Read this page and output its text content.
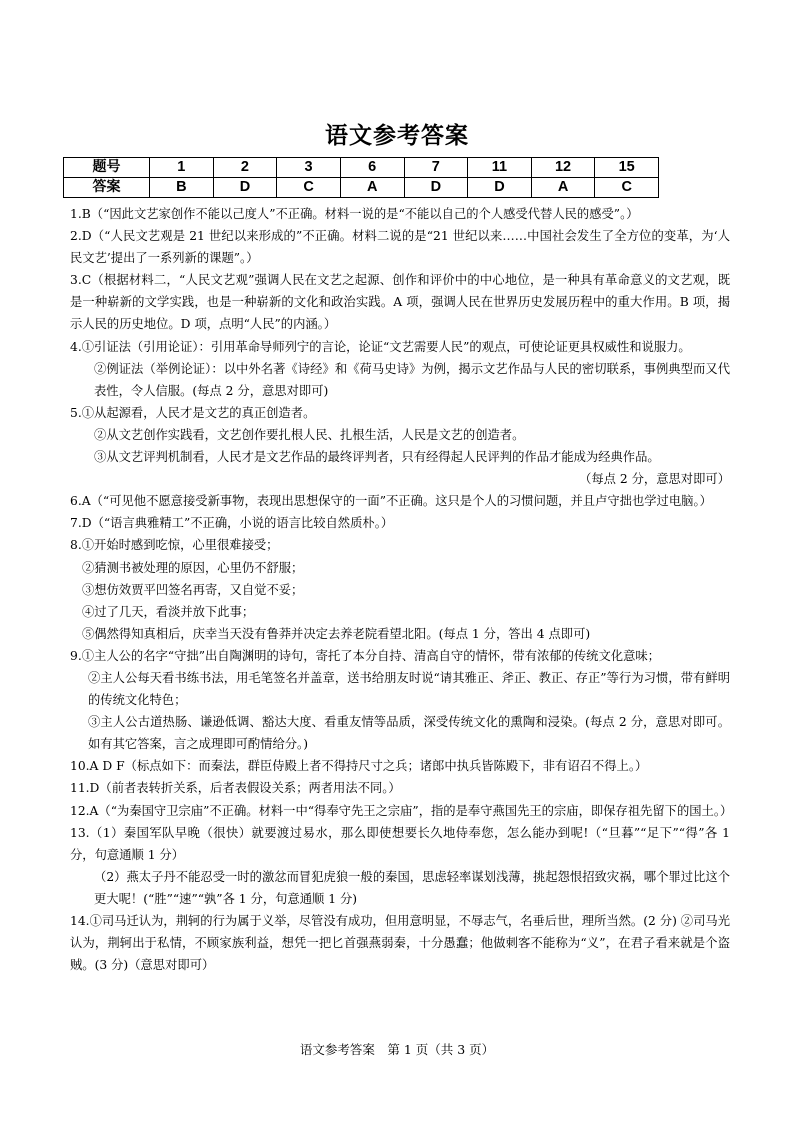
语文参考答案
题号	1	2	3	6	7	11	12	15
答案	B	D	C	A	D	D	A	C

1.B（“因此文艺家创作不能以己度人”不正确。材料一说的是“不能以自己的个人感受代替人民的感受”。）

2.D（“人民文艺观是 21 世纪以来形成的”不正确。材料二说的是“21 世纪以来……中国社会发生了全方位的变革，为‘人民文艺’提出了一系列新的课题”。）

3.C（根据材料二，“人民文艺观”强调人民在文艺之起源、创作和评价中的中心地位，是一种具有革命意义的文艺观，既是一种崭新的文学实践，也是一种崭新的文化和政治实践。A 项，强调人民在世界历史发展历程中的重大作用。B 项，揭示人民的历史地位。D 项，点明“人民”的内涵。）

4.①引证法（引用论证）：引用革命导师列宁的言论，论证“文艺需要人民”的观点，可使论证更具权威性和说服力。

②例证法（举例论证）：以中外名著《诗经》和《荷马史诗》为例，揭示文艺作品与人民的密切联系，事例典型而又代表性，令人信服。(每点 2 分，意思对即可)

5.①从起源看，人民才是文艺的真正创造者。

②从文艺创作实践看，文艺创作要扎根人民、扎根生活，人民是文艺的创造者。

③从文艺评判机制看，人民才是文艺作品的最终评判者，只有经得起人民评判的作品才能成为经典作品。

（每点 2 分，意思对即可）

6.A（“可见他不愿意接受新事物，表现出思想保守的一面”不正确。这只是个人的习惯问题，并且卢守拙也学过电脑。）

7.D（“语言典雅精工”不正确，小说的语言比较自然质朴。）

8.①开始时感到吃惊，心里很难接受；

②猜测书被处理的原因，心里仍不舒服；

③想仿效贾平凹签名再寄，又自觉不妥；

④过了几天，看淡并放下此事；

⑤偶然得知真相后，庆幸当天没有鲁莽并决定去养老院看望北阳。(每点 1 分，答出 4 点即可)

9.①主人公的名字“守拙”出自陶渊明的诗句，寄托了本分自持、清高自守的情怀，带有浓郁的传统文化意味；

②主人公每天看书练书法，用毛笔签名并盖章，送书给朋友时说“请其雅正、斧正、教正、存正”等行为习惯，带有鲜明的传统文化特色；

③主人公古道热肠、谦逊低调、豁达大度、看重友情等品质，深受传统文化的熏陶和浸染。(每点 2 分，意思对即可。如有其它答案，言之成理即可酌情给分。)

10.A D F（标点如下：而秦法，群臣侍殿上者不得持尺寸之兵；诸郎中执兵皆陈殿下，非有诏召不得上。）

11.D（前者表转折关系，后者表假设关系；两者用法不同。）

12.A（“为秦国守卫宗庙”不正确。材料一中“得奉守先王之宗庙”，指的是奉守燕国先王的宗庙，即保存祖先留下的国土。）

13.（1）秦国军队早晚（很快）就要渡过易水，那么即使想要长久地侍奉您，怎么能办到呢!（“旦暮”“足下”“得”各 1 分，句意通顺 1 分）

（2）燕太子丹不能忍受一时的激忿而冒犯虎狼一般的秦国，思虑轻率谋划浅薄，挑起怨恨招致灾祸，哪个罪过比这个更大呢！(“胜”“速”“孰”各 1 分，句意通顺 1 分)

14.①司马迁认为，荆轲的行为属于义举，尽管没有成功，但用意明显，不辱志气，名垂后世，理所当然。(2 分) ②司马光认为，荆轲出于私情，不顾家族利益，想凭一把匕首强燕弱秦，十分愚蠢；他做刺客不能称为“义”，在君子看来就是个盗贼。(3 分)（意思对即可）

语文参考答案　第 1 页（共 3 页）
